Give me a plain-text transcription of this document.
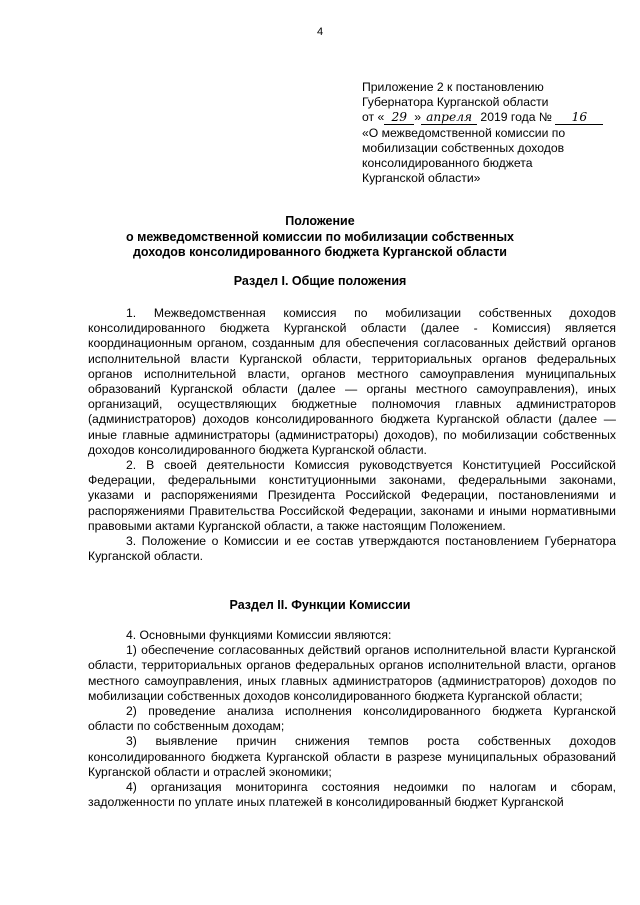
4
Приложение 2 к постановлению
Губернатора Курганской области
от « 29 » апреля 2019 года № 16
«О межведомственной комиссии по
мобилизации собственных доходов
консолидированного бюджета
Курганской области»
Положение
о межведомственной комиссии по мобилизации собственных
доходов консолидированного бюджета Курганской области
Раздел I. Общие положения

1. Межведомственная комиссия по мобилизации собственных доходов консолидированного бюджета Курганской области (далее - Комиссия) является координационным органом, созданным для обеспечения согласованных действий органов исполнительной власти Курганской области, территориальных органов федеральных органов исполнительной власти, органов местного самоуправления муниципальных образований Курганской области (далее — органы местного самоуправления), иных организаций, осуществляющих бюджетные полномочия главных администраторов (администраторов) доходов консолидированного бюджета Курганской области (далее — иные главные администраторы (администраторы) доходов), по мобилизации собственных доходов консолидированного бюджета Курганской области.

2. В своей деятельности Комиссия руководствуется Конституцией Российской Федерации, федеральными конституционными законами, федеральными законами, указами и распоряжениями Президента Российской Федерации, постановлениями и распоряжениями Правительства Российской Федерации, законами и иными нормативными правовыми актами Курганской области, а также настоящим Положением.

3. Положение о Комиссии и ее состав утверждаются постановлением Губернатора Курганской области.

Раздел II. Функции Комиссии

4. Основными функциями Комиссии являются:

1) обеспечение согласованных действий органов исполнительной власти Курганской области, территориальных органов федеральных органов исполнительной власти, органов местного самоуправления, иных главных администраторов (администраторов) доходов по мобилизации собственных доходов консолидированного бюджета Курганской области;

2) проведение анализа исполнения консолидированного бюджета Курганской области по собственным доходам;

3) выявление причин снижения темпов роста собственных доходов консолидированного бюджета Курганской области в разрезе муниципальных образований Курганской области и отраслей экономики;

4) организация мониторинга состояния недоимки по налогам и сборам, задолженности по уплате иных платежей в консолидированный бюджет Курганской
